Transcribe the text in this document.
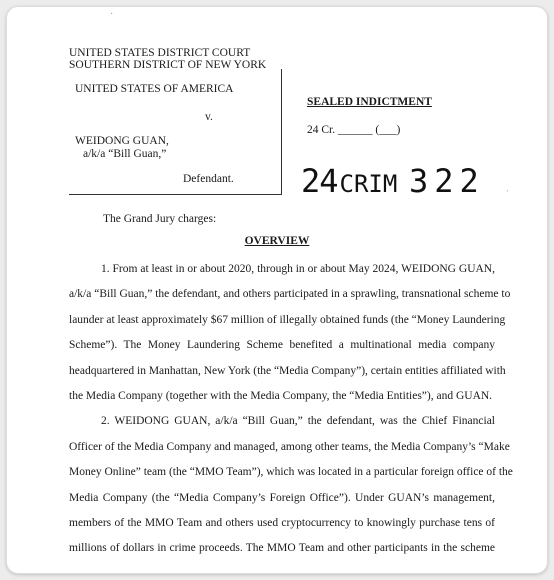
·
UNITED STATES DISTRICT COURT
SOUTHERN DISTRICT OF NEW YORK
UNITED STATES OF AMERICA
v.
WEIDONG GUAN,
a/k/a “Bill Guan,”
Defendant.
SEALED INDICTMENT
24 Cr. ______ (___)
24CRIM 322 ˊ
The Grand Jury charges:
OVERVIEW
1. From at least in or about 2020, through in or about May 2024, WEIDONG GUAN,
a/k/a “Bill Guan,” the defendant, and others participated in a sprawling, transnational scheme to
launder at least approximately $67 million of illegally obtained funds (the “Money Laundering
Scheme”). The Money Laundering Scheme benefited a multinational media company
headquartered in Manhattan, New York (the “Media Company”), certain entities affiliated with
the Media Company (together with the Media Company, the “Media Entities”), and GUAN.
2. WEIDONG GUAN, a/k/a “Bill Guan,” the defendant, was the Chief Financial
Officer of the Media Company and managed, among other teams, the Media Company’s “Make
Money Online” team (the “MMO Team”), which was located in a particular foreign office of the
Media Company (the “Media Company’s Foreign Office”). Under GUAN’s management,
members of the MMO Team and others used cryptocurrency to knowingly purchase tens of
millions of dollars in crime proceeds. The MMO Team and other participants in the scheme
